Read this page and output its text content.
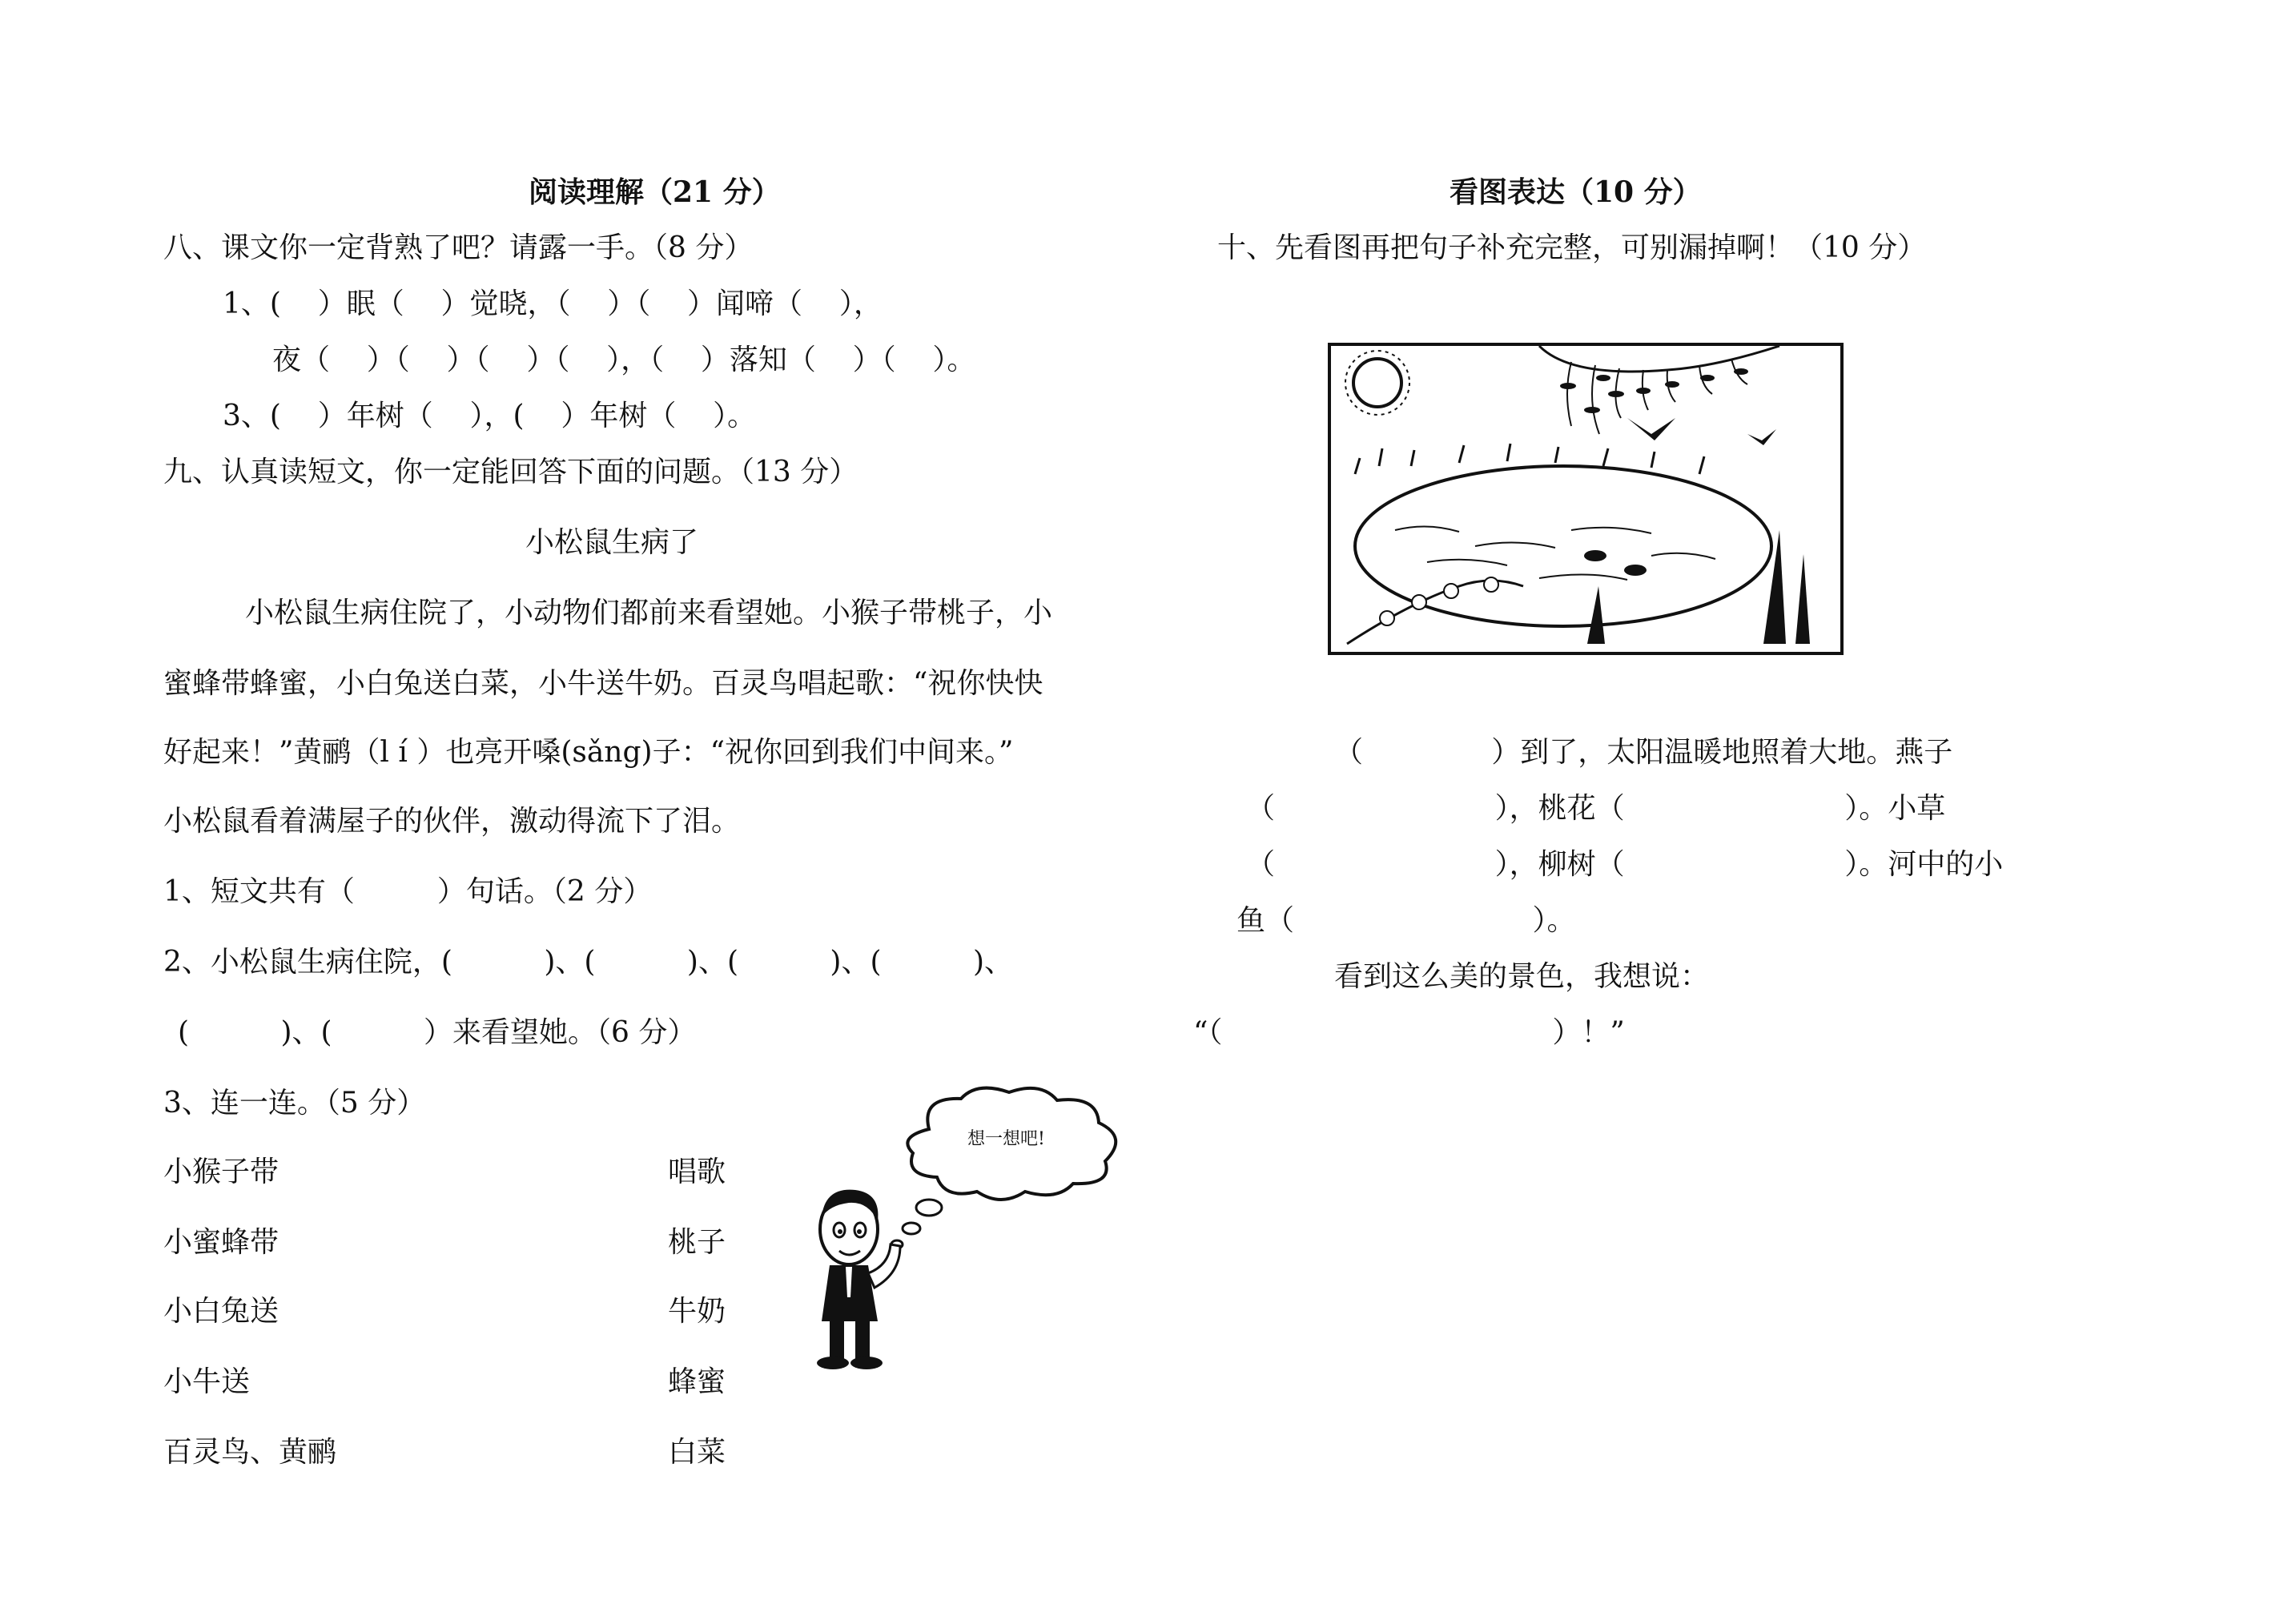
阅读理解（21 分）
八、课文你一定背熟了吧？请露一手。（8 分）
1、(    ）眠（    ）觉晓，（    ）（    ）闻啼（    ），
夜（    ）（    ）（    ）（    ），（    ）落知（    ）（    ）。
3、(    ）年树（    ），(    ）年树（    ）。
九、认真读短文，你一定能回答下面的问题。（13 分）
小松鼠生病了
小松鼠生病住院了，小动物们都前来看望她。小猴子带桃子，小
蜜蜂带蜂蜜，小白兔送白菜，小牛送牛奶。百灵鸟唱起歌：“祝你快快
好起来！”黄鹂（l í ）也亮开嗓(sǎng)子：“祝你回到我们中间来。”
小松鼠看着满屋子的伙伴，激动得流下了泪。
1、短文共有（         ）句话。（2 分）
2、小松鼠生病住院，(          )、(          )、(          )、(          )、
(          )、(          ）来看望她。（6 分）
3、连一连。（5 分）
小猴子带
小蜜蜂带
小白兔送
小牛送
百灵鸟、黄鹂
唱歌
桃子
牛奶
蜂蜜
白菜
想一想吧!
看图表达（10 分）
十、先看图再把句子补充完整，可别漏掉啊！（10 分）
（              ）到了，太阳温暖地照着大地。燕子
（                        ），桃花（                        ）。小草
（                        ），柳树（                        ）。河中的小
鱼（                          ）。
看到这么美的景色，我想说：
“（                                    ）！”
